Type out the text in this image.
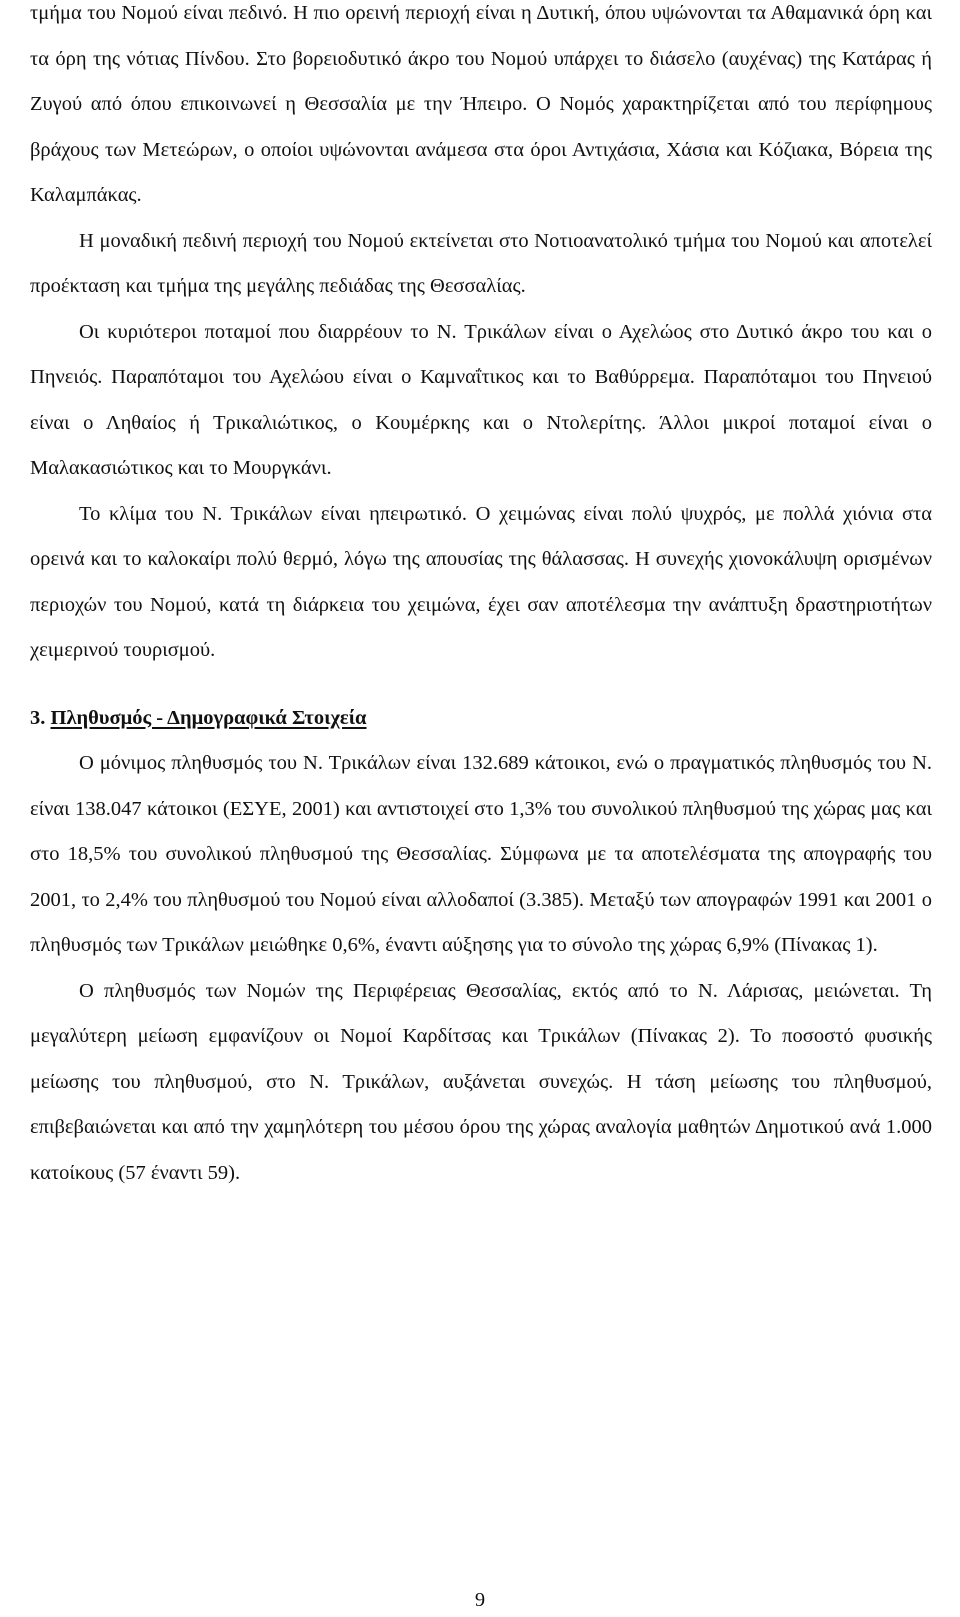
τμήμα του Νομού είναι πεδινό. Η πιο ορεινή περιοχή είναι η Δυτική, όπου υψώνονται τα Αθαμανικά όρη και τα όρη της νότιας Πίνδου. Στο βορειοδυτικό άκρο του Νομού υπάρχει το διάσελο (αυχένας) της Κατάρας ή Ζυγού από όπου επικοινωνεί η Θεσσαλία με την Ήπειρο. Ο Νομός χαρακτηρίζεται από του περίφημους βράχους των Μετεώρων, ο οποίοι υψώνονται ανάμεσα στα όροι Αντιχάσια, Χάσια και Κόζιακα, Βόρεια της Καλαμπάκας.

Η μοναδική πεδινή περιοχή του Νομού εκτείνεται στο Νοτιοανατολικό τμήμα του Νομού και αποτελεί προέκταση και τμήμα της μεγάλης πεδιάδας της Θεσσαλίας.

Οι κυριότεροι ποταμοί που διαρρέουν το Ν. Τρικάλων είναι ο Αχελώος στο Δυτικό άκρο του και ο Πηνειός. Παραπόταμοι του Αχελώου είναι ο Καμναΐτικος και το Βαθύρρεμα. Παραπόταμοι του Πηνειού είναι ο Ληθαίος ή Τρικαλιώτικος, ο Κουμέρκης και ο Ντολερίτης. Άλλοι μικροί ποταμοί είναι ο Μαλακασιώτικος και το Μουργκάνι.

Το κλίμα του Ν. Τρικάλων είναι ηπειρωτικό. Ο χειμώνας είναι πολύ ψυχρός, με πολλά χιόνια στα ορεινά και το καλοκαίρι πολύ θερμό, λόγω της απουσίας της θάλασσας. Η συνεχής χιονοκάλυψη ορισμένων περιοχών του Νομού, κατά τη διάρκεια του χειμώνα, έχει σαν αποτέλεσμα την ανάπτυξη δραστηριοτήτων χειμερινού τουρισμού.

3. Πληθυσμός - Δημογραφικά Στοιχεία

Ο μόνιμος πληθυσμός του Ν. Τρικάλων είναι 132.689 κάτοικοι, ενώ ο πραγματικός πληθυσμός του Ν. είναι 138.047 κάτοικοι (ΕΣΥΕ, 2001) και αντιστοιχεί στο 1,3% του συνολικού πληθυσμού της χώρας μας και στο 18,5% του συνολικού πληθυσμού της Θεσσαλίας. Σύμφωνα με τα αποτελέσματα της απογραφής του 2001, το 2,4% του πληθυσμού του Νομού είναι αλλοδαποί (3.385). Μεταξύ των απογραφών 1991 και 2001 ο πληθυσμός των Τρικάλων μειώθηκε 0,6%, έναντι αύξησης για το σύνολο της χώρας 6,9% (Πίνακας 1).

Ο πληθυσμός των Νομών της Περιφέρειας Θεσσαλίας, εκτός από το Ν. Λάρισας, μειώνεται. Τη μεγαλύτερη μείωση εμφανίζουν οι Νομοί Καρδίτσας και Τρικάλων (Πίνακας 2). Το ποσοστό φυσικής μείωσης του πληθυσμού, στο Ν. Τρικάλων, αυξάνεται συνεχώς. Η τάση μείωσης του πληθυσμού, επιβεβαιώνεται και από την χαμηλότερη του μέσου όρου της χώρας αναλογία μαθητών Δημοτικού ανά 1.000 κατοίκους (57 έναντι 59).

9
